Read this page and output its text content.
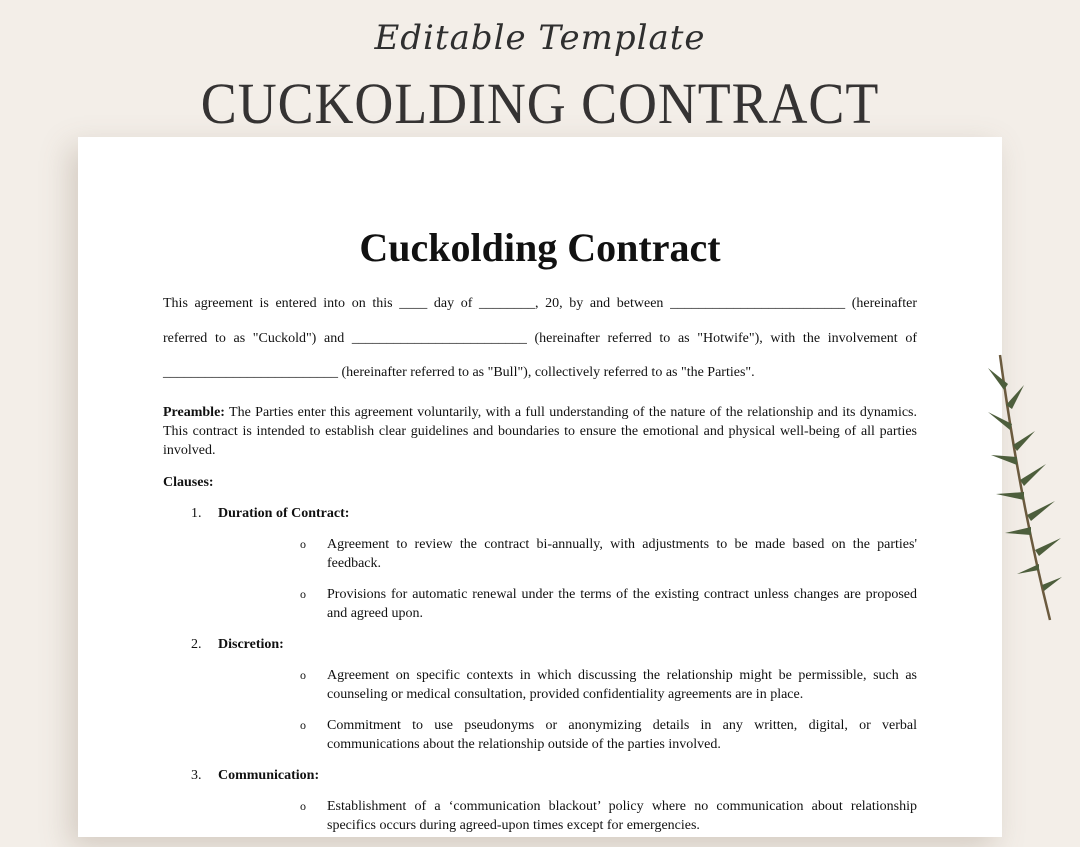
Editable Template
CUCKOLDING CONTRACT
Cuckolding Contract
This agreement is entered into on this ____ day of ________, 20, by and between _________________________ (hereinafter
referred to as "Cuckold") and _________________________ (hereinafter referred to as "Hotwife"), with the involvement of
_________________________ (hereinafter referred to as "Bull"), collectively referred to as "the Parties".
Preamble: The Parties enter this agreement voluntarily, with a full understanding of the nature of the relationship and its dynamics. This contract is intended to establish clear guidelines and boundaries to ensure the emotional and physical well-being of all parties involved.
Clauses:
1. Duration of Contract:
o Agreement to review the contract bi-annually, with adjustments to be made based on the parties' feedback.
o Provisions for automatic renewal under the terms of the existing contract unless changes are proposed and agreed upon.
2. Discretion:
o Agreement on specific contexts in which discussing the relationship might be permissible, such as counseling or medical consultation, provided confidentiality agreements are in place.
o Commitment to use pseudonyms or anonymizing details in any written, digital, or verbal communications about the relationship outside of the parties involved.
3. Communication:
o Establishment of a ‘communication blackout’ policy where no communication about relationship specifics occurs during agreed-upon times except for emergencies.
